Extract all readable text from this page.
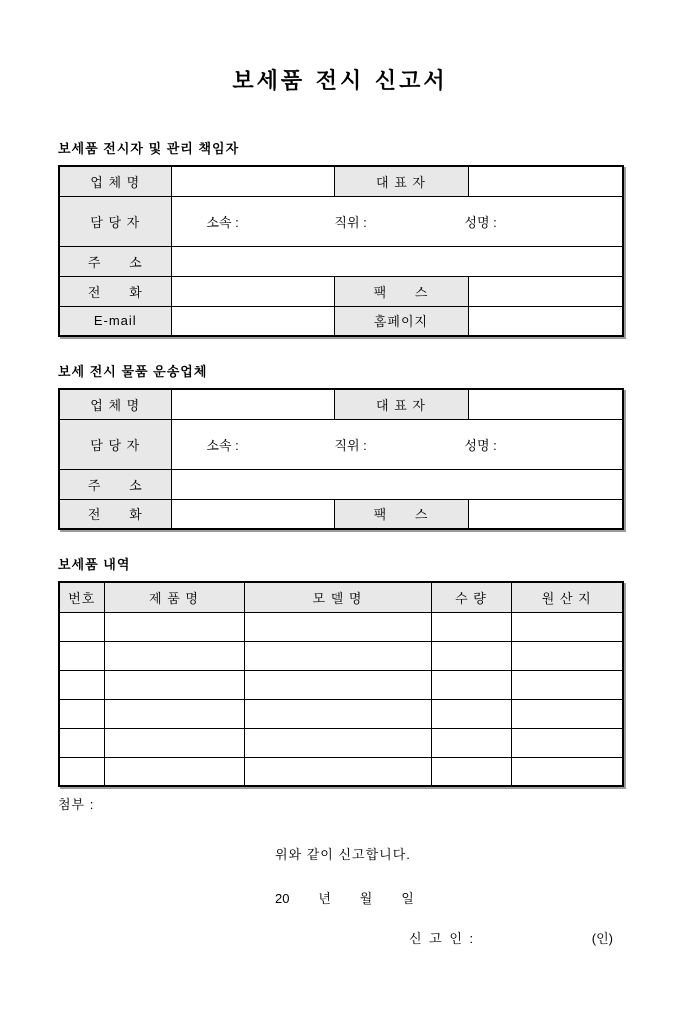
보세품 전시 신고서
보세품 전시자 및 관리 책임자
업 체 명		대 표 자	
담 당 자	소속 : 직위 : 성명 :		

주      소			
전      화		팩      스	
E-mail		홈페이지	
보세 전시 물품 운송업체
업 체 명		대 표 자	
담 당 자	소속 : 직위 : 성명 :		

주      소			
전      화		팩      스	
보세품 내역
번호	제 품 명	모 델 명	수 량	원 산 지

첨부 :
위와 같이 신고합니다.
20        년        월        일
신 고 인 :	(인)
